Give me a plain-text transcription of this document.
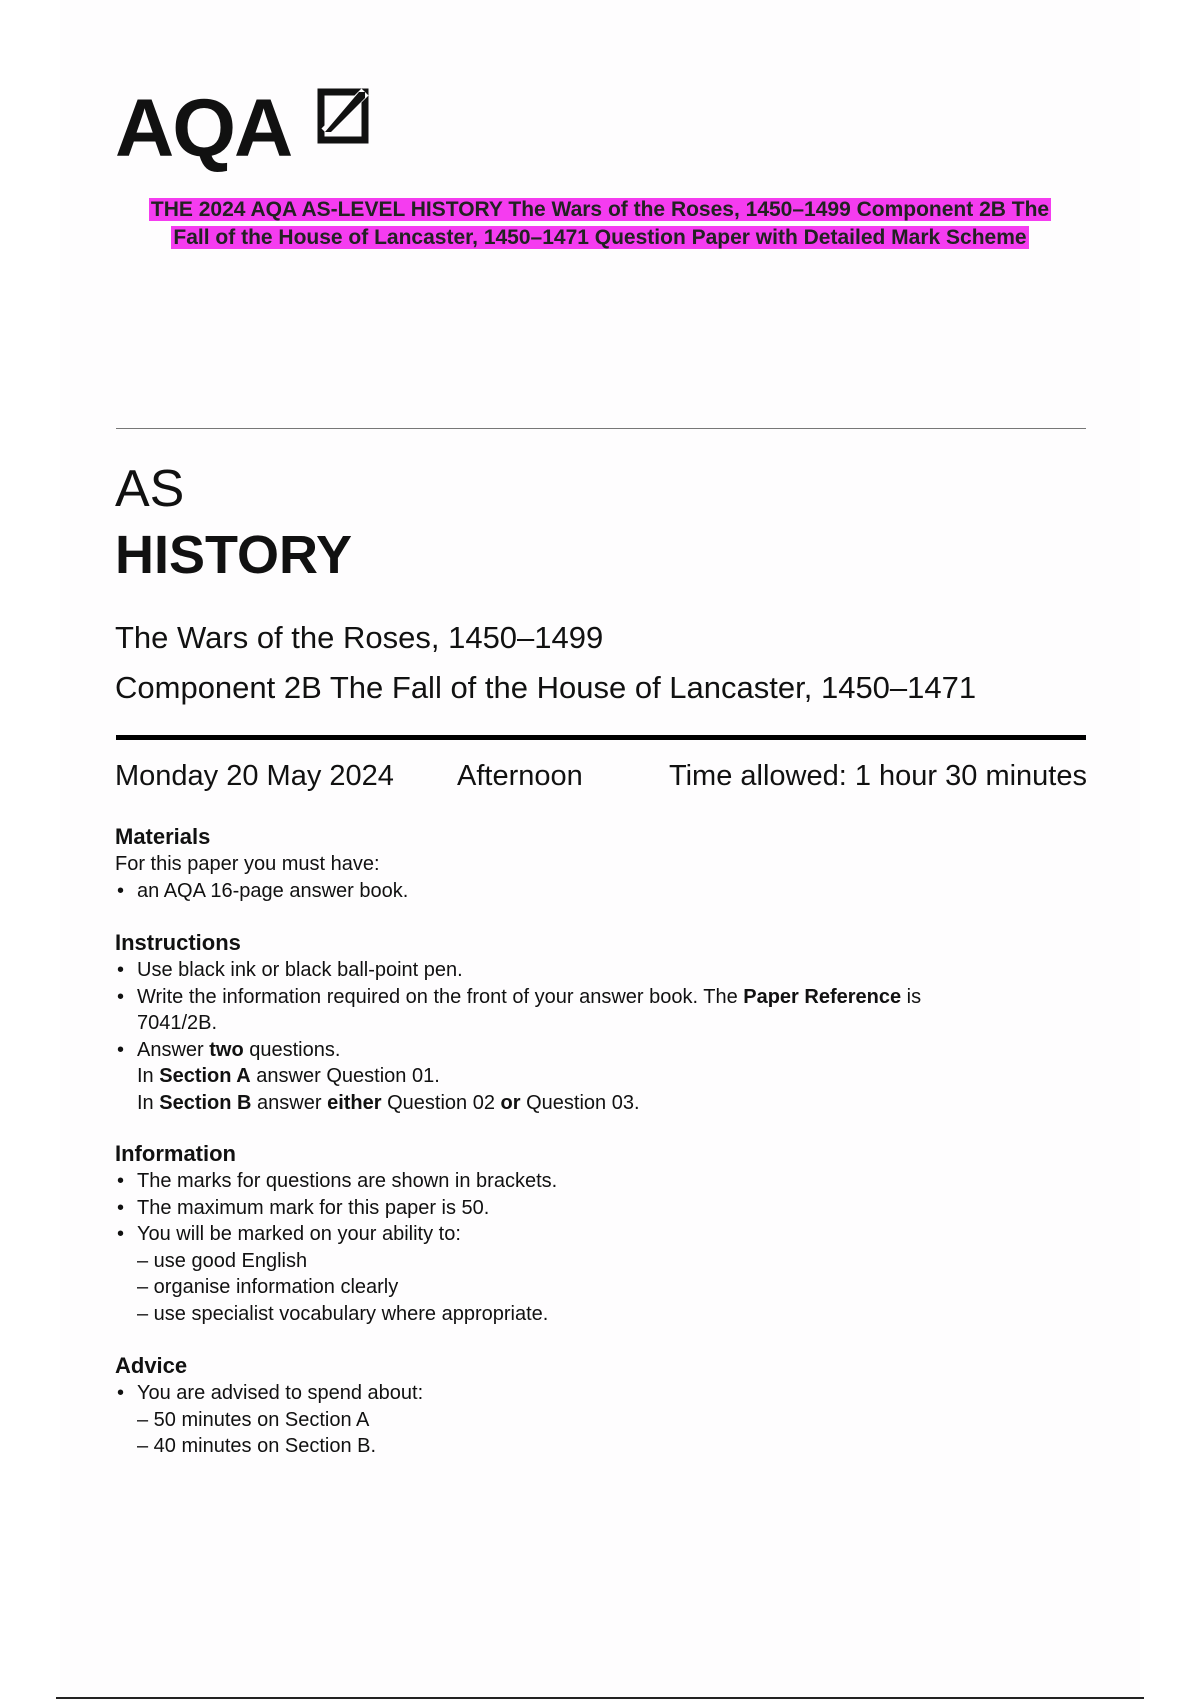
AQA
THE 2024 AQA AS-LEVEL HISTORY The Wars of the Roses, 1450–1499 Component 2B The
Fall of the House of Lancaster, 1450–1471 Question Paper with Detailed Mark Scheme
AS
HISTORY
The Wars of the Roses, 1450–1499
Component 2B The Fall of the House of Lancaster, 1450–1471
Monday 20 May 2024 Afternoon	Time allowed: 1 hour 30 minutes
Materials

For this paper you must have:

• an AQA 16-page answer book.
Instructions
• Use black ink or black ball-point pen.
• Write the information required on the front of your answer book. The Paper Reference is
7041/2B.
• Answer two questions.
In Section A answer Question 01.
In Section B answer either Question 02 or Question 03.
Information
• The marks for questions are shown in brackets.
• The maximum mark for this paper is 50.
• You will be marked on your ability to:
– use good English
– organise information clearly
– use specialist vocabulary where appropriate.
Advice
• You are advised to spend about:
– 50 minutes on Section A
– 40 minutes on Section B.
